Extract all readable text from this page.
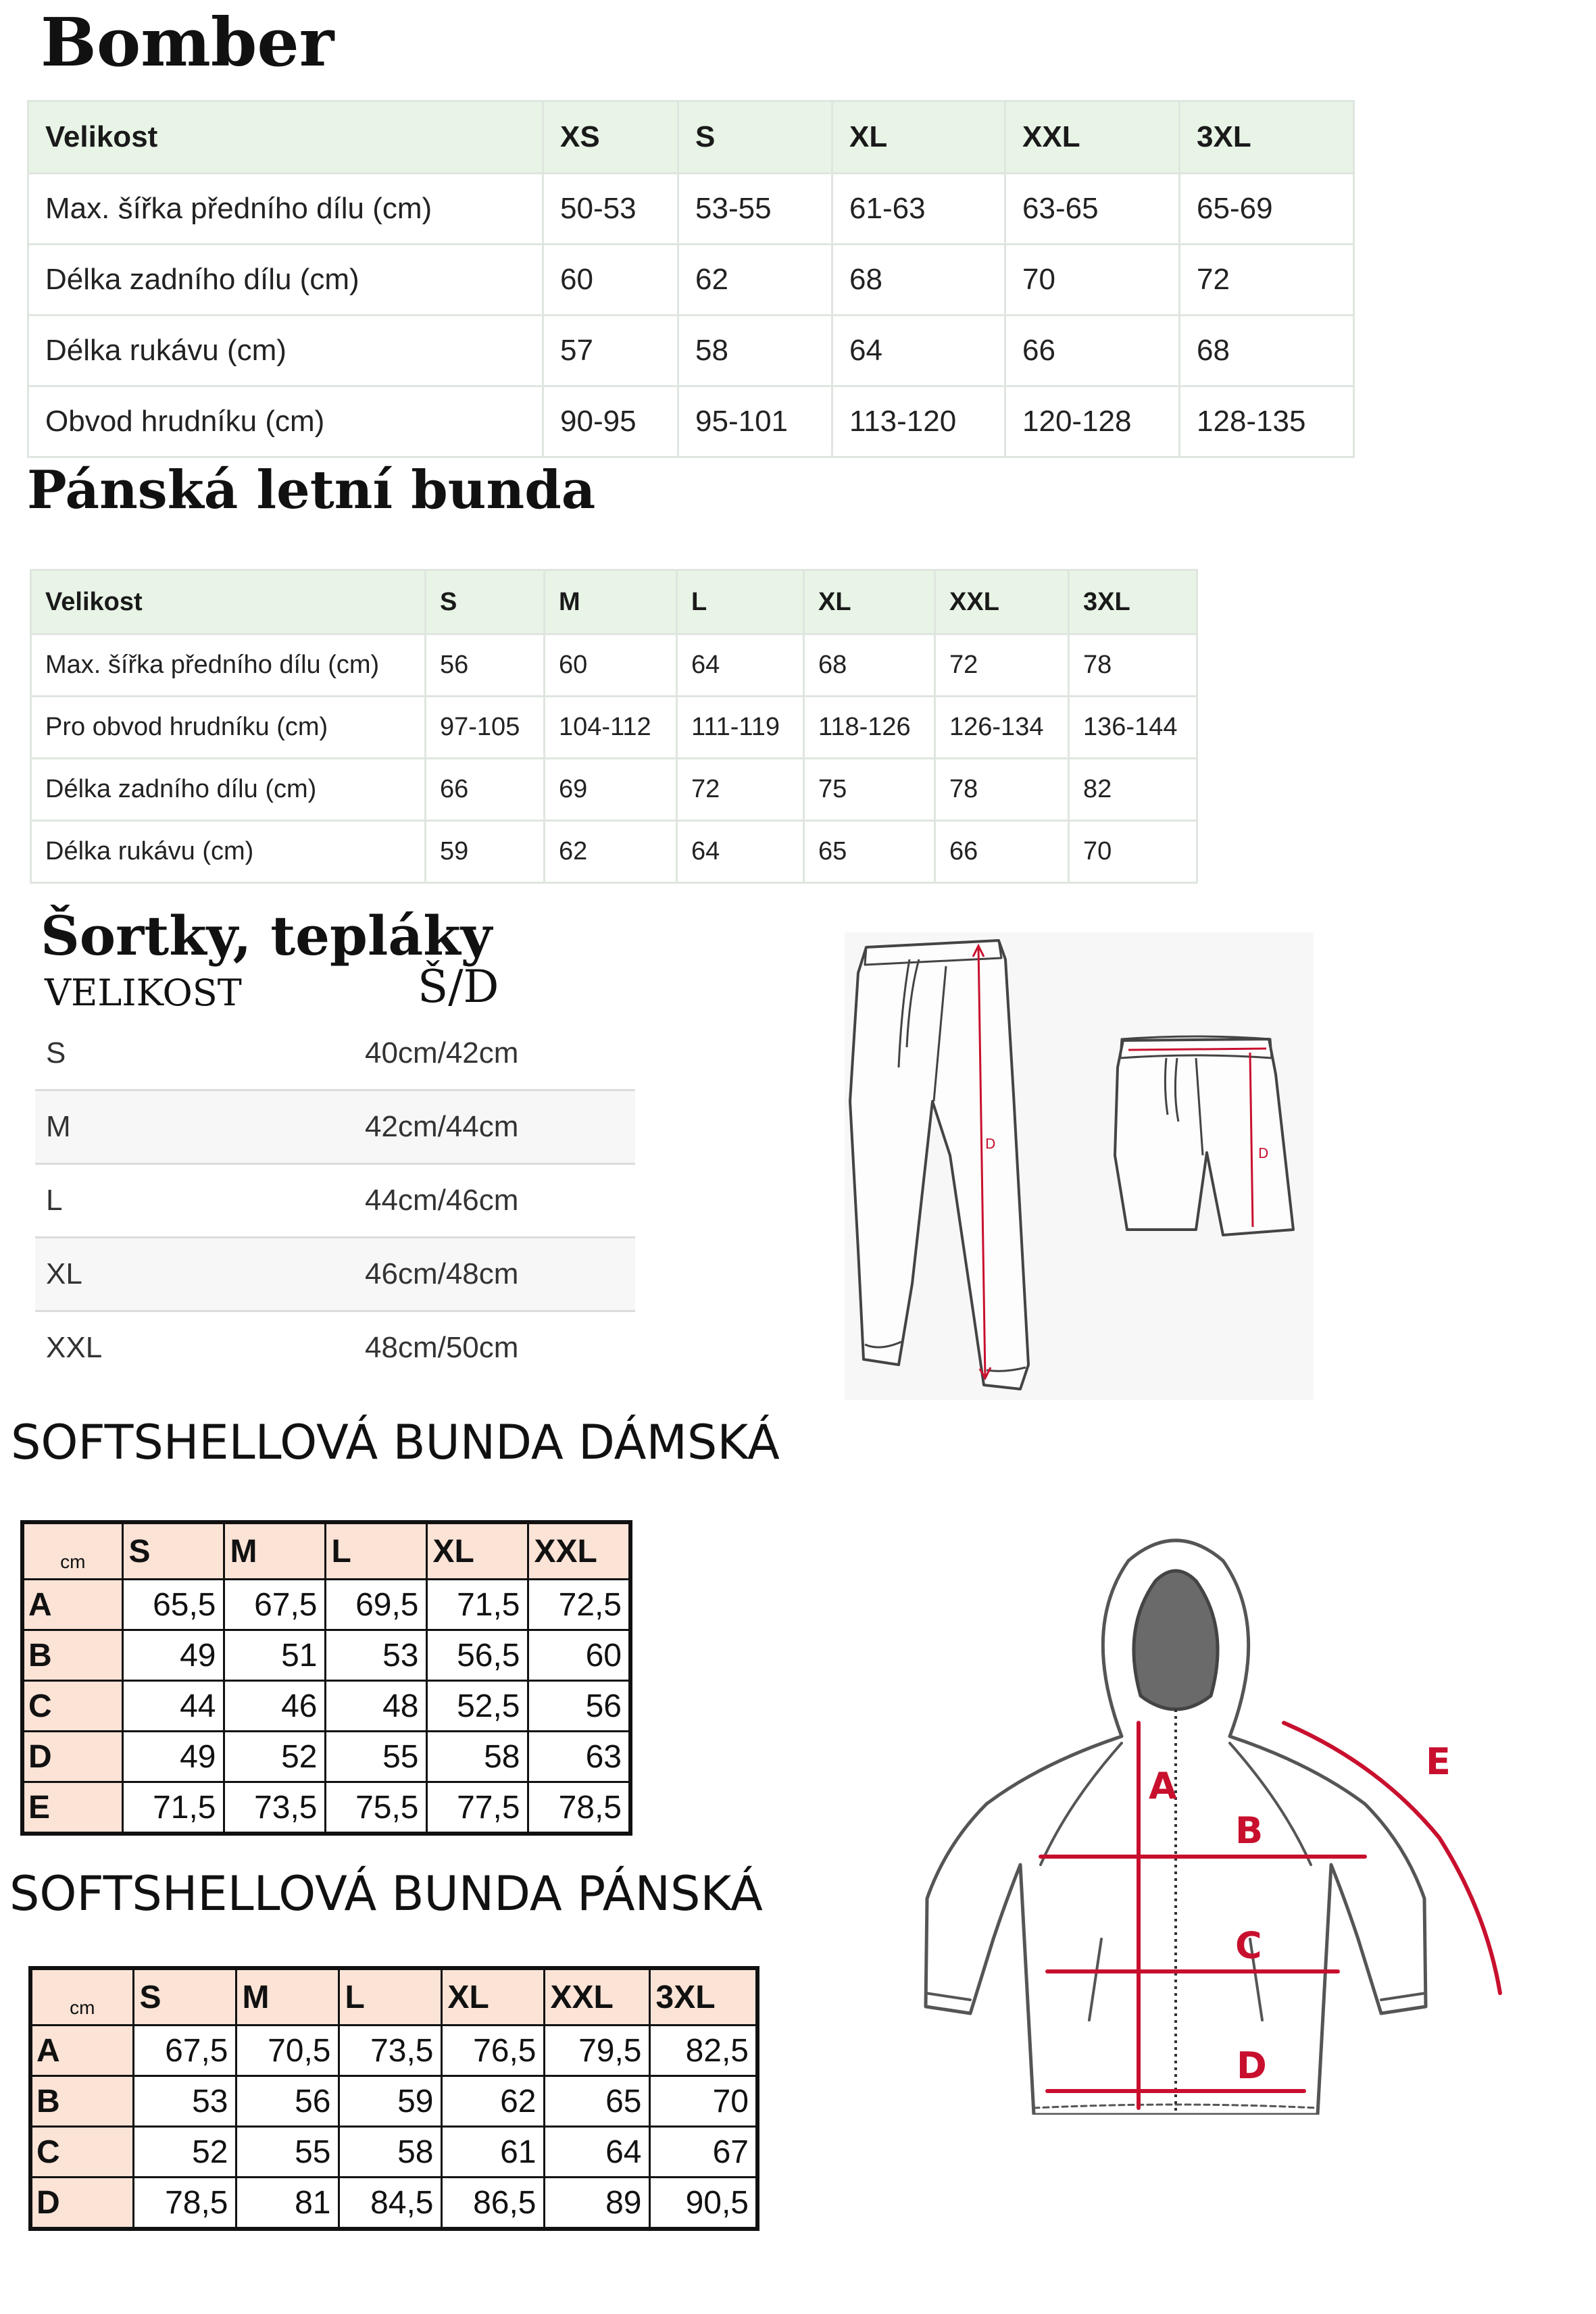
Bomber
Velikost	XS	S	XL	XXL	3XL
Max. šířka předního dílu (cm)	50-53	53-55	61-63	63-65	65-69
Délka zadního dílu (cm)	60	62	68	70	72
Délka rukávu (cm)	57	58	64	66	68
Obvod hrudníku (cm)	90-95	95-101	113-120	120-128	128-135
Pánská letní bunda
Velikost	S	M	L	XL	XXL	3XL
Max. šířka předního dílu (cm)	56	60	64	68	72	78
Pro obvod hrudníku (cm)	97-105	104-112	111-119	118-126	126-134	136-144
Délka zadního dílu (cm)	66	69	72	75	78	82
Délka rukávu (cm)	59	62	64	65	66	70
Šortky, tepláky
VELIKOST	Š/D
S	40cm/42cm
M	42cm/44cm
L	44cm/46cm
XL	46cm/48cm
XXL	48cm/50cm
D
D
SOFTSHELLOVÁ BUNDA DÁMSKÁ
cm	S	M	L	XL	XXL
A	65,5	67,5	69,5	71,5	72,5
B	49	51	53	56,5	60
C	44	46	48	52,5	56
D	49	52	55	58	63
E	71,5	73,5	75,5	77,5	78,5
SOFTSHELLOVÁ BUNDA PÁNSKÁ
cm	S	M	L	XL	XXL	3XL
A	67,5	70,5	73,5	76,5	79,5	82,5
B	53	56	59	62	65	70
C	52	55	58	61	64	67
D	78,5	81	84,5	86,5	89	90,5
A
B
C
D
E
